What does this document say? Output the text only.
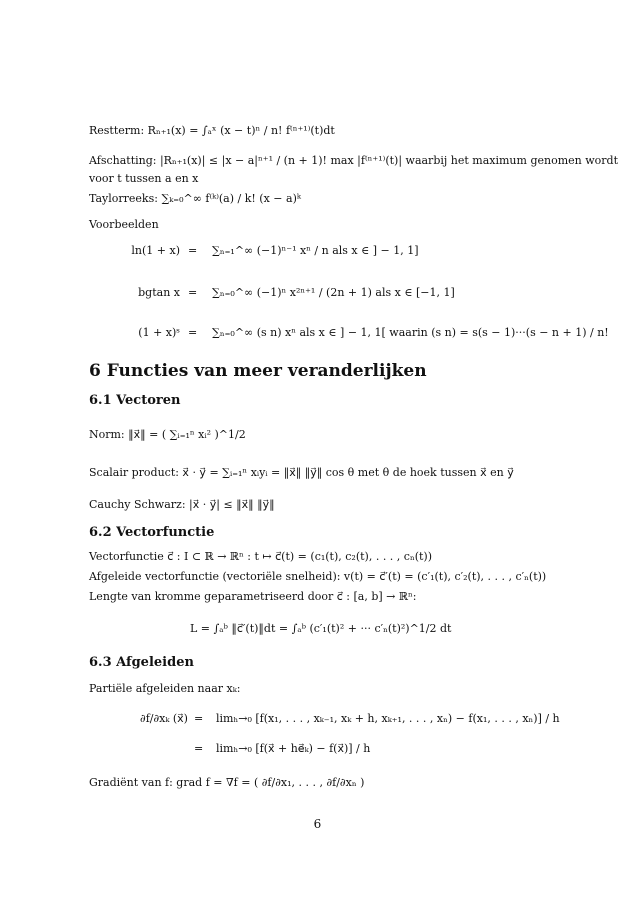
Restterm: Rₙ₊₁(x) = ∫ₐˣ (x − t)ⁿ / n! f⁽ⁿ⁺¹⁾(t)dt
Afschatting: |Rₙ₊₁(x)| ≤ |x − a|ⁿ⁺¹ / (n + 1)! max |f⁽ⁿ⁺¹⁾(t)| waarbij het maximum genomen wordt
voor t tussen a en x
Taylorreeks: ∑ₖ₌₀^∞ f⁽ᵏ⁾(a) / k! (x − a)ᵏ
Voorbeelden
ln(1 + x) = ∑ₙ₌₁^∞ (−1)ⁿ⁻¹ xⁿ / n als x ∈ ] − 1, 1]
bgtan x = ∑ₙ₌₀^∞ (−1)ⁿ x²ⁿ⁺¹ / (2n + 1) als x ∈ [−1, 1]
(1 + x)ˢ = ∑ₙ₌₀^∞ (s n) xⁿ als x ∈ ] − 1, 1[ waarin (s n) = s(s − 1)···(s − n + 1) / n!
6 Functies van meer veranderlijken
6.1 Vectoren
Norm: ‖x⃗‖ = ( ∑ᵢ₌₁ⁿ xᵢ² )^1/2
Scalair product: x⃗ · y⃗ = ∑ᵢ₌₁ⁿ xᵢyᵢ = ‖x⃗‖ ‖y⃗‖ cos θ met θ de hoek tussen x⃗ en y⃗
Cauchy Schwarz: |x⃗ · y⃗| ≤ ‖x⃗‖ ‖y⃗‖
6.2 Vectorfunctie
Vectorfunctie c⃗ : I ⊂ ℝ → ℝⁿ : t ↦ c⃗(t) = (c₁(t), c₂(t), . . . , cₙ(t))
Afgeleide vectorfunctie (vectoriële snelheid): v(t) = c⃗′(t) = (c′₁(t), c′₂(t), . . . , c′ₙ(t))
Lengte van kromme geparametriseerd door c⃗ : [a, b] → ℝⁿ:
L = ∫ₐᵇ ‖c⃗′(t)‖dt = ∫ₐᵇ (c′₁(t)² + ··· c′ₙ(t)²)^1/2 dt
6.3 Afgeleiden
Partiële afgeleiden naar xₖ:
∂f/∂xₖ (x⃗) = limₕ→₀ [f(x₁, . . . , xₖ₋₁, xₖ + h, xₖ₊₁, . . . , xₙ) − f(x₁, . . . , xₙ)] / h
= limₕ→₀ [f(x⃗ + he⃗ₖ) − f(x⃗)] / h
Gradiënt van f: grad f = ∇f = ( ∂f/∂x₁, . . . , ∂f/∂xₙ )
6
